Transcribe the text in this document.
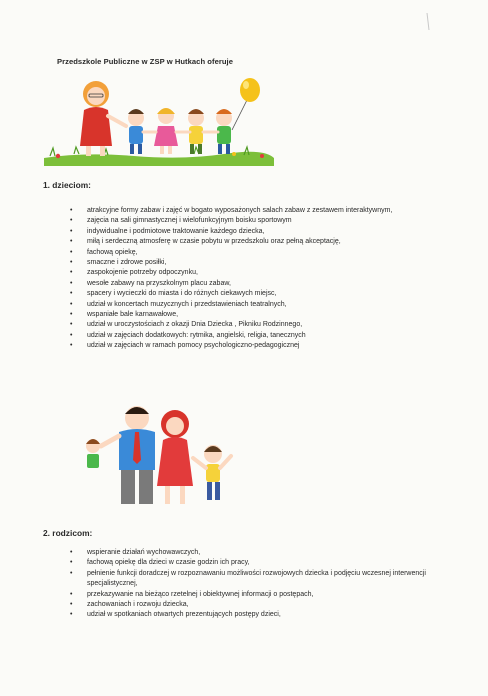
Przedszkole Publiczne w ZSP w Hutkach oferuje
1. dzieciom:
• atrakcyjne formy zabaw i zajęć w bogato wyposażonych salach zabaw z zestawem interaktywnym,
• zajęcia na sali gimnastycznej i wielofunkcyjnym boisku sportowym
• indywidualne i podmiotowe traktowanie każdego dziecka,
• miłą i serdeczną atmosferę w czasie pobytu w przedszkolu oraz pełną akceptację,
• fachową opiekę,
• smaczne i zdrowe posiłki,
• zaspokojenie potrzeby odpoczynku,
• wesołe zabawy na przyszkolnym placu zabaw,
• spacery i wycieczki do miasta i do różnych ciekawych miejsc,
• udział w koncertach muzycznych i przedstawieniach teatralnych,
• wspaniałe bale karnawałowe,
• udział w uroczystościach z okazji Dnia Dziecka , Pikniku Rodzinnego,
• udział w zajęciach dodatkowych: rytmika, angielski, religia, tanecznych
• udział w zajęciach w ramach pomocy psychologiczno-pedagogicznej
2. rodzicom:
• wspieranie działań wychowawczych,
• fachową opiekę dla dzieci w czasie godzin ich pracy,
• pełnienie funkcji doradczej w rozpoznawaniu możliwości rozwojowych dziecka i podjęciu wczesnej interwencji specjalistycznej,
• przekazywanie na bieżąco rzetelnej i obiektywnej informacji o postępach,
• zachowaniach i rozwoju dziecka,
• udział w spotkaniach otwartych prezentujących postępy dzieci,
